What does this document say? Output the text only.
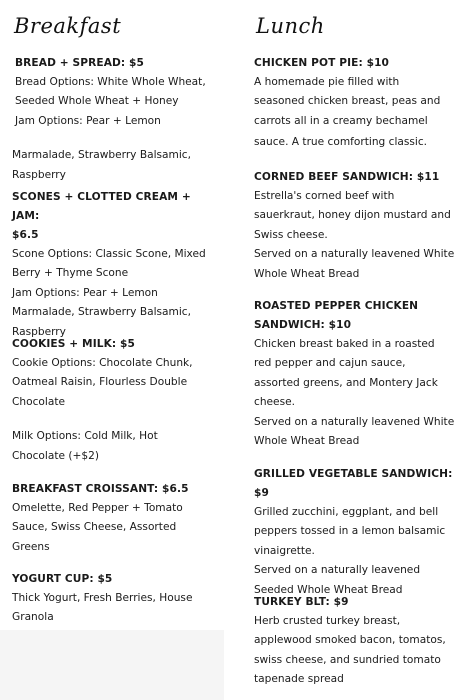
Breakfast
BREAD + SPREAD: $5
Bread Options: White Whole Wheat,
Seeded Whole Wheat + Honey
Jam Options: Pear + Lemon
Marmalade, Strawberry Balsamic,
Raspberry
SCONES + CLOTTED CREAM + JAM:
$6.5
Scone Options: Classic Scone, Mixed
Berry + Thyme Scone
Jam Options: Pear + Lemon
Marmalade, Strawberry Balsamic,
Raspberry
COOKIES + MILK: $5
Cookie Options: Chocolate Chunk,
Oatmeal Raisin, Flourless Double
Chocolate
Milk Options: Cold Milk, Hot
Chocolate (+$2)
BREAKFAST CROISSANT: $6.5
Omelette, Red Pepper + Tomato
Sauce, Swiss Cheese, Assorted
Greens
YOGURT CUP: $5
Thick Yogurt, Fresh Berries, House
Granola
Lunch
CHICKEN POT PIE: $10
A homemade pie filled with
seasoned chicken breast, peas and
carrots all in a creamy bechamel
sauce. A true comforting classic.
CORNED BEEF SANDWICH: $11
Estrella's corned beef with
sauerkraut, honey dijon mustard and
Swiss cheese.
Served on a naturally leavened White
Whole Wheat Bread
ROASTED PEPPER CHICKEN
SANDWICH: $10
Chicken breast baked in a roasted
red pepper and cajun sauce,
assorted greens, and Montery Jack
cheese.
Served on a naturally leavened White
Whole Wheat Bread
GRILLED VEGETABLE SANDWICH: $9
Grilled zucchini, eggplant, and bell
peppers tossed in a lemon balsamic
vinaigrette.
Served on a naturally leavened
Seeded Whole Wheat Bread
TURKEY BLT: $9
Herb crusted turkey breast,
applewood smoked bacon, tomatos,
swiss cheese, and sundried tomato
tapenade spread
